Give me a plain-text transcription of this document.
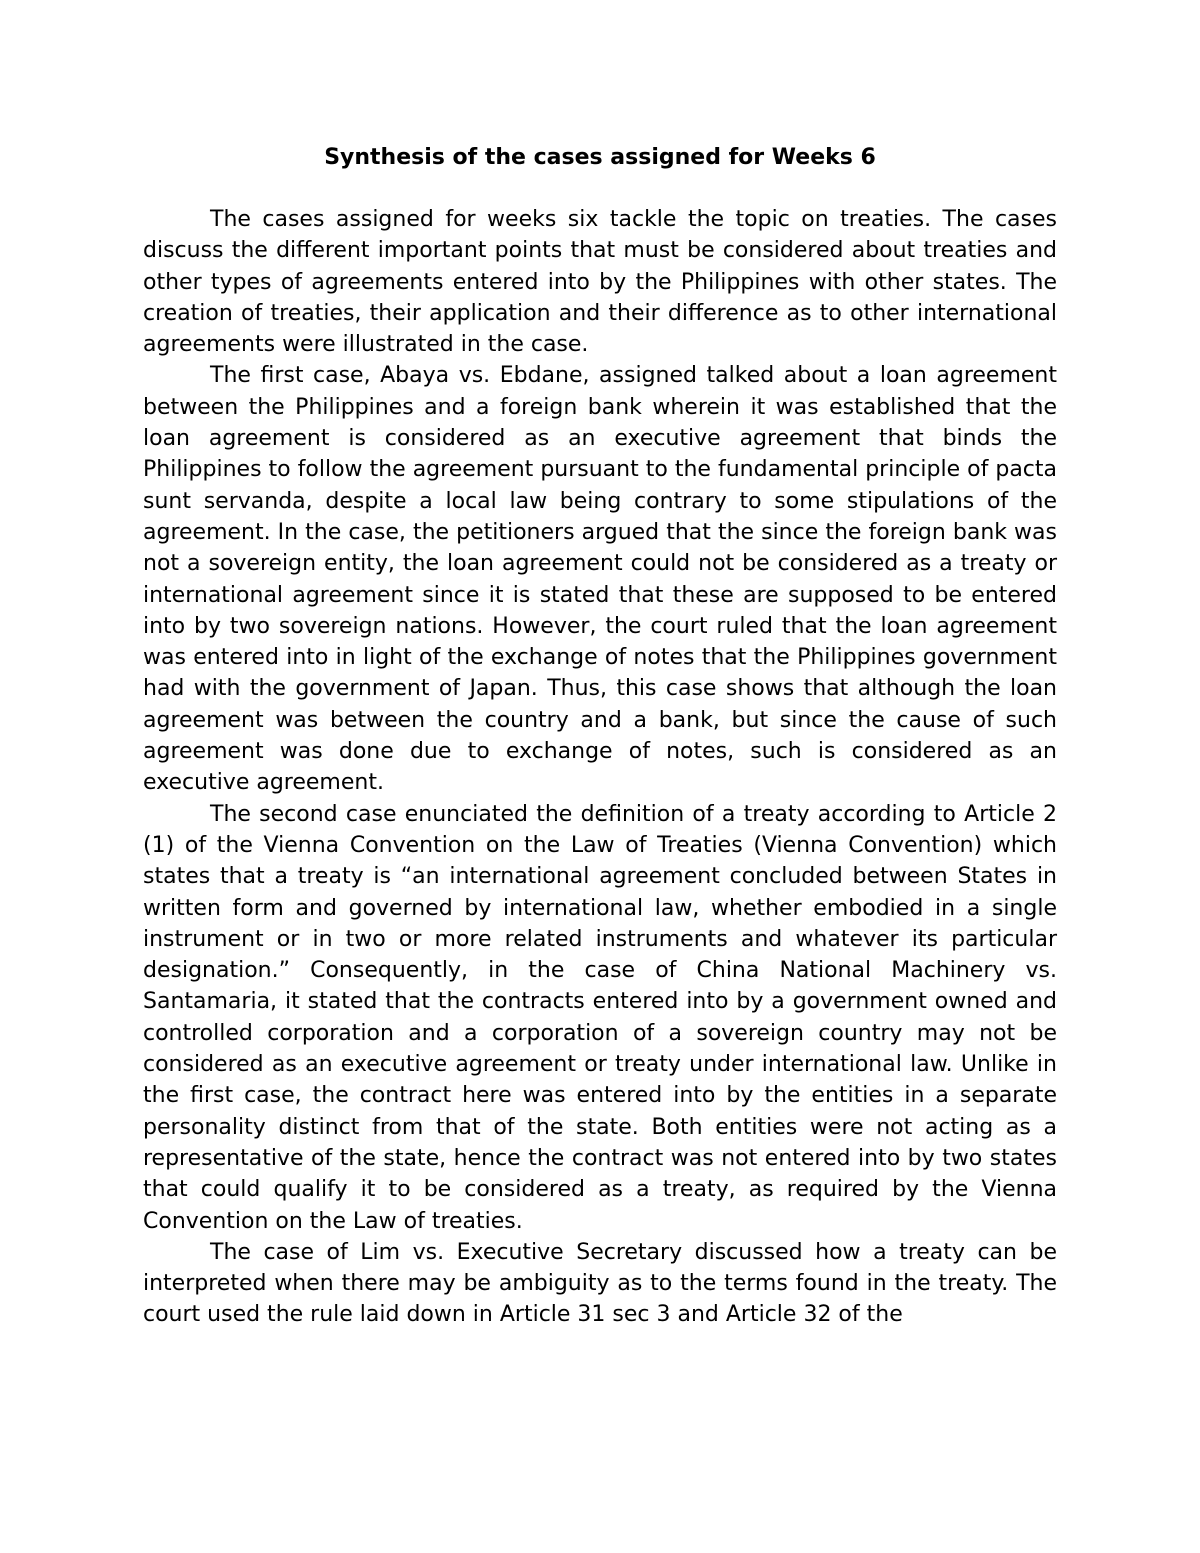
Synthesis of the cases assigned for Weeks 6

The cases assigned for weeks six tackle the topic on treaties. The cases discuss the different important points that must be considered about treaties and other types of agreements entered into by the Philippines with other states. The creation of treaties, their application and their difference as to other international agreements were illustrated in the case.

The first case, Abaya vs. Ebdane, assigned talked about a loan agreement between the Philippines and a foreign bank wherein it was established that the loan agreement is considered as an executive agreement that binds the Philippines to follow the agreement pursuant to the fundamental principle of pacta sunt servanda, despite a local law being contrary to some stipulations of the agreement. In the case, the petitioners argued that the since the foreign bank was not a sovereign entity, the loan agreement could not be considered as a treaty or international agreement since it is stated that these are supposed to be entered into by two sovereign nations. However, the court ruled that the loan agreement was entered into in light of the exchange of notes that the Philippines government had with the government of Japan. Thus, this case shows that although the loan agreement was between the country and a bank, but since the cause of such agreement was done due to exchange of notes, such is considered as an executive agreement.

The second case enunciated the definition of a treaty according to Article 2 (1) of the Vienna Convention on the Law of Treaties (Vienna Convention) which states that a treaty is “an international agreement concluded between States in written form and governed by international law, whether embodied in a single instrument or in two or more related instruments and whatever its particular designation.” Consequently, in the case of China National Machinery vs. Santamaria, it stated that the contracts entered into by a government owned and controlled corporation and a corporation of a sovereign country may not be considered as an executive agreement or treaty under international law. Unlike in the first case, the contract here was entered into by the entities in a separate personality distinct from that of the state. Both entities were not acting as a representative of the state, hence the contract was not entered into by two states that could qualify it to be considered as a treaty, as required by the Vienna Convention on the Law of treaties.

The case of Lim vs. Executive Secretary discussed how a treaty can be interpreted when there may be ambiguity as to the terms found in the treaty. The court used the rule laid down in Article 31 sec 3 and Article 32 of the
